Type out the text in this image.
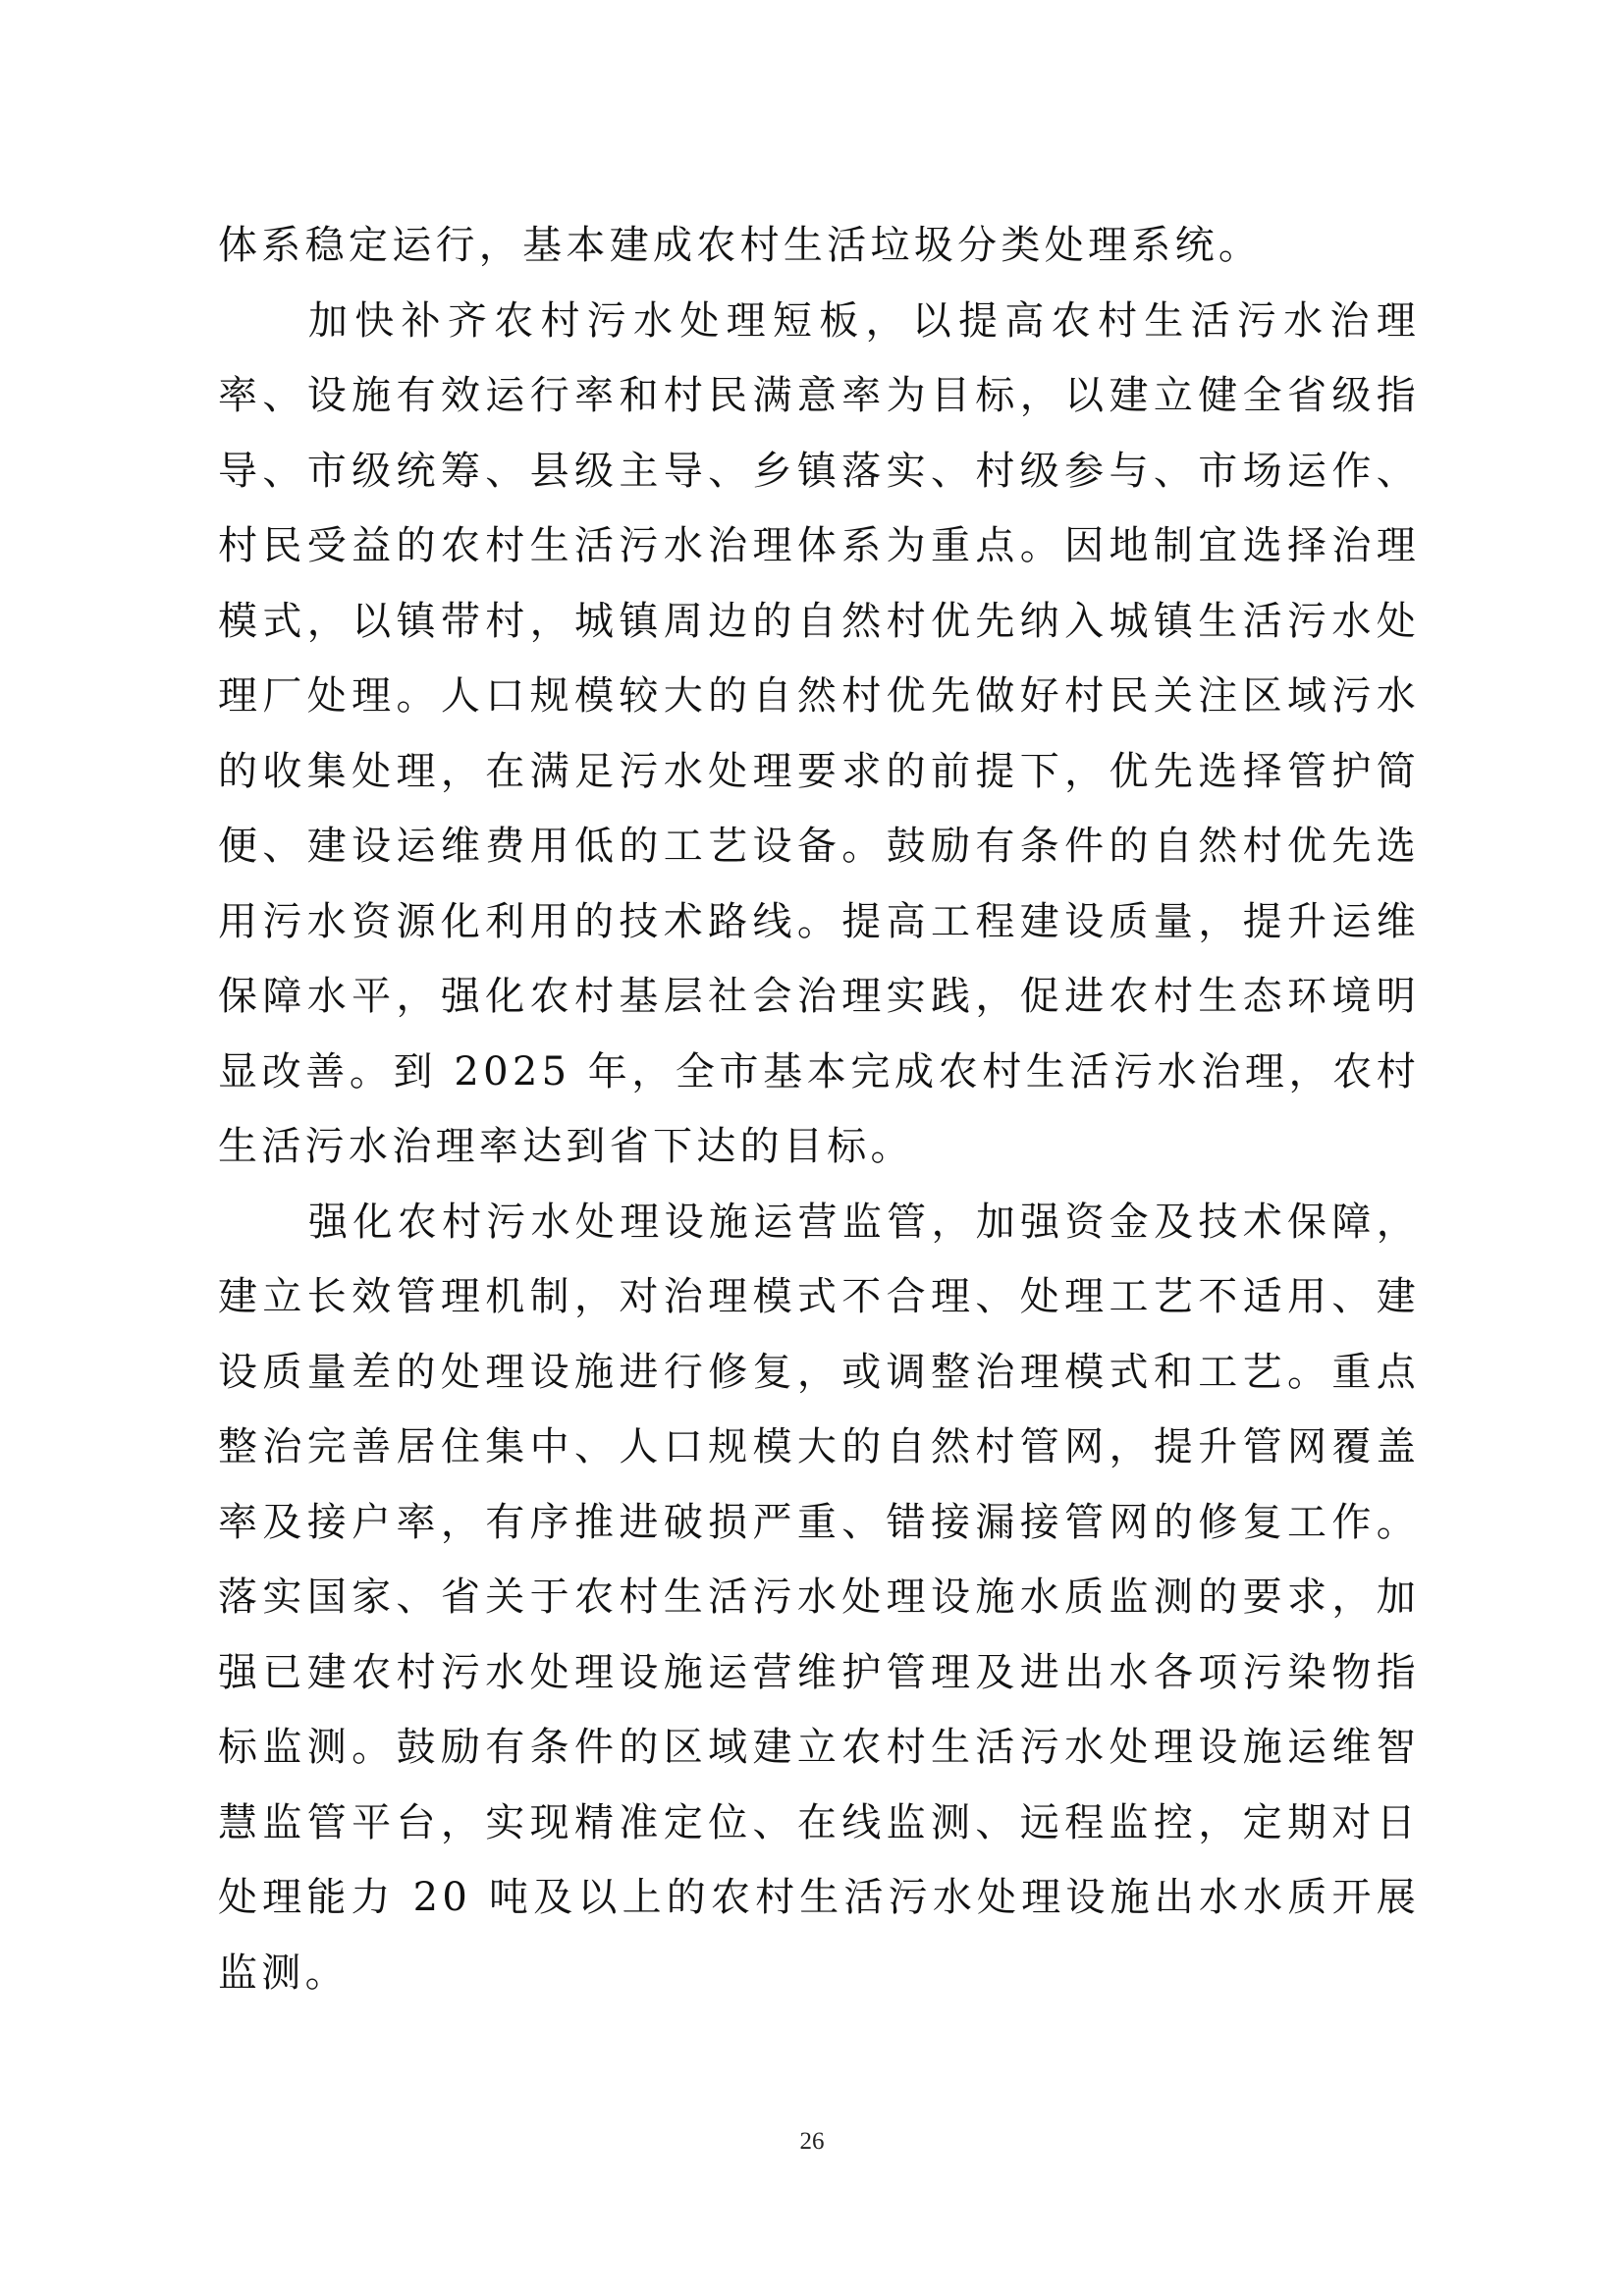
体系稳定运行，基本建成农村生活垃圾分类处理系统。

加快补齐农村污水处理短板，以提高农村生活污水治理率、设施有效运行率和村民满意率为目标，以建立健全省级指导、市级统筹、县级主导、乡镇落实、村级参与、市场运作、村民受益的农村生活污水治理体系为重点。因地制宜选择治理模式，以镇带村，城镇周边的自然村优先纳入城镇生活污水处理厂处理。人口规模较大的自然村优先做好村民关注区域污水的收集处理，在满足污水处理要求的前提下，优先选择管护简便、建设运维费用低的工艺设备。鼓励有条件的自然村优先选用污水资源化利用的技术路线。提高工程建设质量，提升运维保障水平，强化农村基层社会治理实践，促进农村生态环境明显改善。到 2025 年，全市基本完成农村生活污水治理，农村生活污水治理率达到省下达的目标。

强化农村污水处理设施运营监管，加强资金及技术保障，建立长效管理机制，对治理模式不合理、处理工艺不适用、建设质量差的处理设施进行修复，或调整治理模式和工艺。重点整治完善居住集中、人口规模大的自然村管网，提升管网覆盖率及接户率，有序推进破损严重、错接漏接管网的修复工作。落实国家、省关于农村生活污水处理设施水质监测的要求，加强已建农村污水处理设施运营维护管理及进出水各项污染物指标监测。鼓励有条件的区域建立农村生活污水处理设施运维智慧监管平台，实现精准定位、在线监测、远程监控，定期对日处理能力 20 吨及以上的农村生活污水处理设施出水水质开展监测。

26
